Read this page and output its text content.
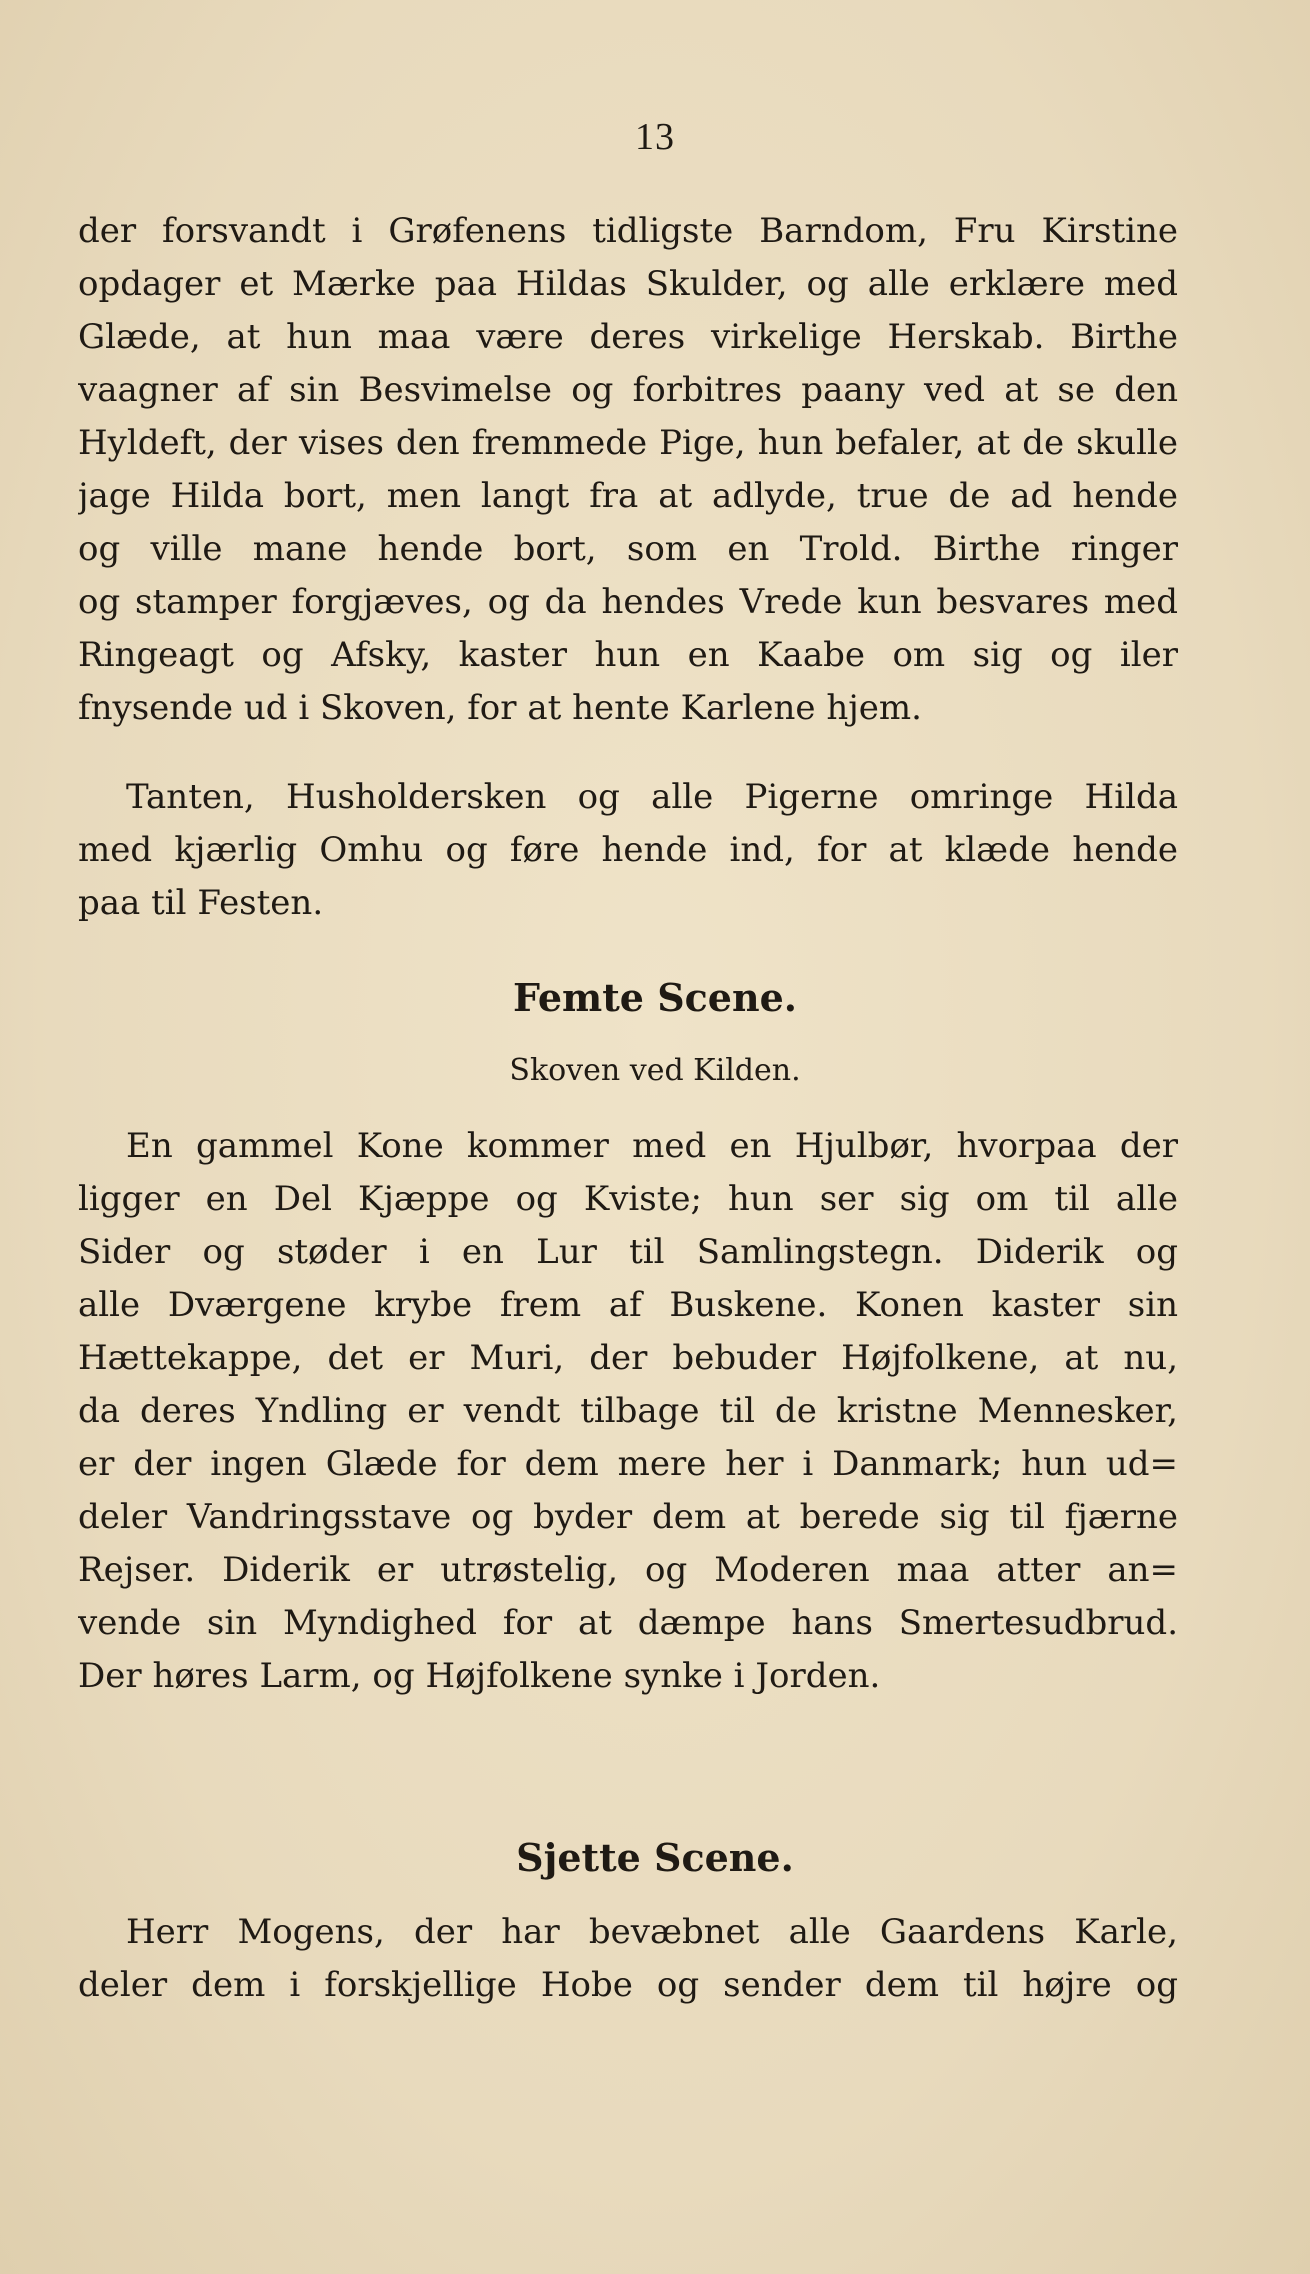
13
der forsvandt i Grøfenens tidligste Barndom, Fru Kirstine
opdager et Mærke paa Hildas Skulder, og alle erklære med
Glæde, at hun maa være deres virkelige Herskab. Birthe
vaagner af sin Besvimelse og forbitres paany ved at se den
Hyldeft, der vises den fremmede Pige, hun befaler, at de skulle
jage Hilda bort, men langt fra at adlyde, true de ad hende
og ville mane hende bort, som en Trold. Birthe ringer
og stamper forgjæves, og da hendes Vrede kun besvares med
Ringeagt og Afsky, kaster hun en Kaabe om sig og iler
fnysende ud i Skoven, for at hente Karlene hjem.
Tanten, Husholdersken og alle Pigerne omringe Hilda
med kjærlig Omhu og føre hende ind, for at klæde hende
paa til Festen.
Femte Scene.
Skoven ved Kilden.
En gammel Kone kommer med en Hjulbør, hvorpaa der
ligger en Del Kjæppe og Kviste; hun ser sig om til alle
Sider og støder i en Lur til Samlingstegn. Diderik og
alle Dværgene krybe frem af Buskene. Konen kaster sin
Hættekappe, det er Muri, der bebuder Højfolkene, at nu,
da deres Yndling er vendt tilbage til de kristne Mennesker,
er der ingen Glæde for dem mere her i Danmark; hun ud=
deler Vandringsstave og byder dem at berede sig til fjærne
Rejser. Diderik er utrøstelig, og Moderen maa atter an=
vende sin Myndighed for at dæmpe hans Smertesudbrud.
Der høres Larm, og Højfolkene synke i Jorden.
Sjette Scene.
Herr Mogens, der har bevæbnet alle Gaardens Karle,
deler dem i forskjellige Hobe og sender dem til højre og
